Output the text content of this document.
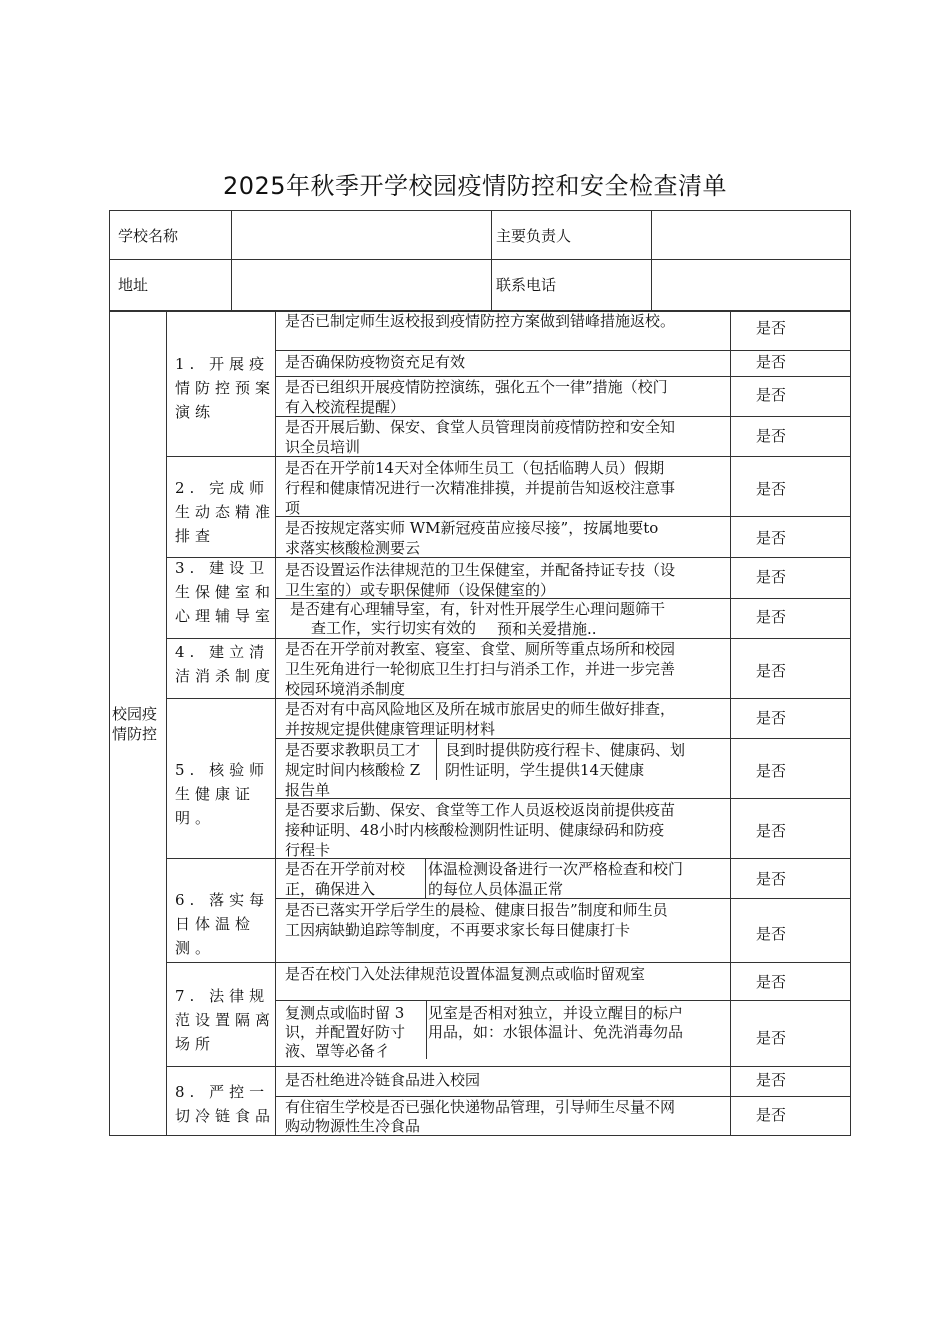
2025年秋季开学校园疫情防控和安全检查清单
学校名称	主要负责人
地址	联系电话
校园疫情防控
1. 开展疫情防控预案演练
2. 完成师生动态精准排查
3. 建设卫生保健室和心理辅导室
4. 建立清洁消杀制度
5. 核验师生健康证明。
6. 落实每日体温检测。
7. 法律规范设置隔离场所
8. 严控一切冷链食品
是否已制定师生返校报到疫情防控方案做到错峰措施返校。
是否确保防疫物资充足有效
是否已组织开展疫情防控演练，强化五个一律”措施（校门
有入校流程提醒）
是否开展后勤、保安、食堂人员管理岗前疫情防控和安全知
识全员培训
是否在开学前14天对全体师生员工（包括临聘人员）假期
行程和健康情况进行一次精准排摸，并提前告知返校注意事
项
是否按规定落实师 WM新冠疫苗应接尽接”，按属地要to
求落实核酸检测要云
是否设置运作法律规范的卫生保健室，并配备持证专技（设
卫生室的）或专职保健师（设保健室的）
是否建有心理辅导室，有，针对性开展学生心理问题筛干
查工作，实行切实有效的 预和关爱措施..
是否在开学前对教室、寝室、食堂、厕所等重点场所和校园
卫生死角进行一轮彻底卫生打扫与消杀工作，并进一步完善
校园环境消杀制度
是否对有中高风险地区及所在城市旅居史的师生做好排查，
并按规定提供健康管理证明材料
是否要求教职员工才
规定时间内核酸检 Z
报告单
艮到时提供防疫行程卡、健康码、划
阴性证明，学生提供14天健康
是否要求后勤、保安、食堂等工作人员返校返岗前提供疫苗
接种证明、48小时内核酸检测阴性证明、健康绿码和防疫
行程卡
是否在开学前对校
正，确保进入
体温检测设备进行一次严格检查和校门
的每位人员体温正常
是否已落实开学后学生的晨检、健康日报告”制度和师生员
工因病缺勤追踪等制度，不再要求家长每日健康打卡
是否在校门入处法律规范设置体温复测点或临时留观室
复测点或临时留 3
识，并配置好防寸
液、罩等必备彳
见室是否相对独立，并设立醒目的标户
用品，如：水银体温计、免洗消毒勿品
是否杜绝进冷链食品进入校园
有住宿生学校是否已强化快递物品管理，引导师生尽量不网
购动物源性生冷食品
是否
是否
是否
是否
是否
是否
是否
是否
是否
是否
是否
是否
是否
是否
是否
是否
是否
是否
